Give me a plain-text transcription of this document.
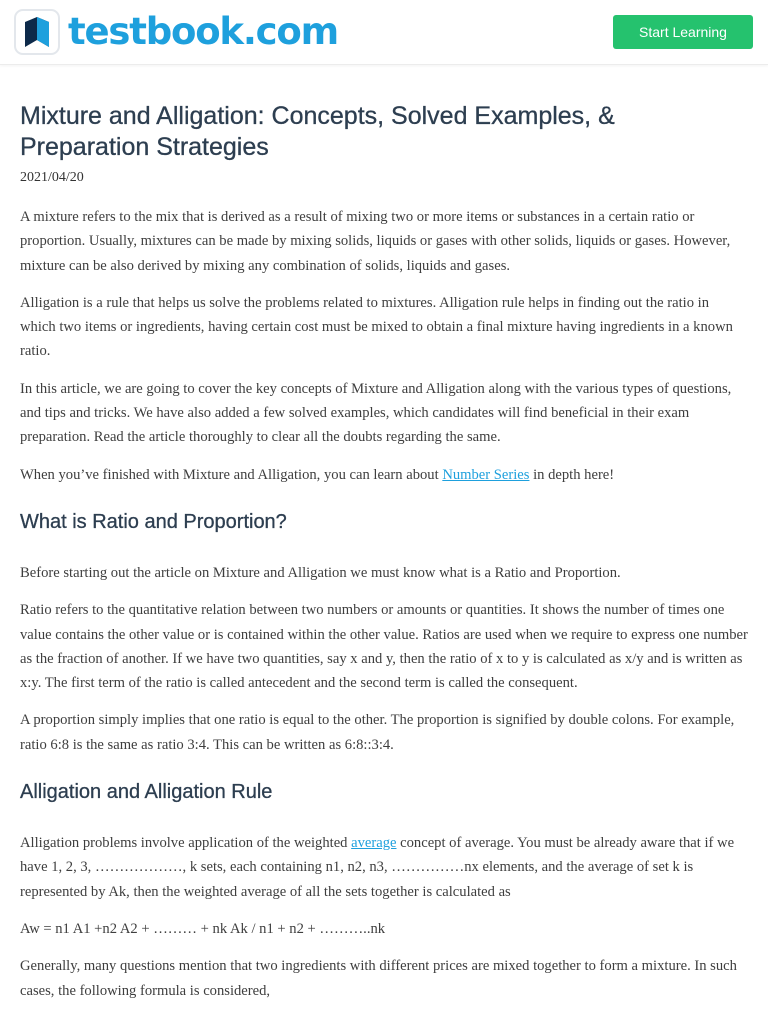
testbook.com	Start Learning
Mixture and Alligation: Concepts, Solved Examples, & Preparation Strategies
2021/04/20

A mixture refers to the mix that is derived as a result of mixing two or more items or substances in a certain ratio or proportion. Usually, mixtures can be made by mixing solids, liquids or gases with other solids, liquids or gases. However, mixture can be also derived by mixing any combination of solids, liquids and gases.

Alligation is a rule that helps us solve the problems related to mixtures. Alligation rule helps in finding out the ratio in which two items or ingredients, having certain cost must be mixed to obtain a final mixture having ingredients in a known ratio.

In this article, we are going to cover the key concepts of Mixture and Alligation along with the various types of questions, and tips and tricks. We have also added a few solved examples, which candidates will find beneficial in their exam preparation. Read the article thoroughly to clear all the doubts regarding the same.

When you’ve finished with Mixture and Alligation, you can learn about Number Series in depth here!

What is Ratio and Proportion?

Before starting out the article on Mixture and Alligation we must know what is a Ratio and Proportion.

Ratio refers to the quantitative relation between two numbers or amounts or quantities. It shows the number of times one value contains the other value or is contained within the other value. Ratios are used when we require to express one number as the fraction of another. If we have two quantities, say x and y, then the ratio of x to y is calculated as x/y and is written as x:y. The first term of the ratio is called antecedent and the second term is called the consequent.

A proportion simply implies that one ratio is equal to the other. The proportion is signified by double colons. For example, ratio 6:8 is the same as ratio 3:4. This can be written as 6:8::3:4.

Alligation and Alligation Rule

Alligation problems involve application of the weighted average concept of average. You must be already aware that if we have 1, 2, 3, ………………, k sets, each containing n1, n2, n3, ……………nx elements, and the average of set k is represented by Ak, then the weighted average of all the sets together is calculated as

Aw = n1 A1 +n2 A2 + ……… + nk Ak / n1 + n2 + ………..nk

Generally, many questions mention that two ingredients with different prices are mixed together to form a mixture. In such cases, the following formula is considered,
